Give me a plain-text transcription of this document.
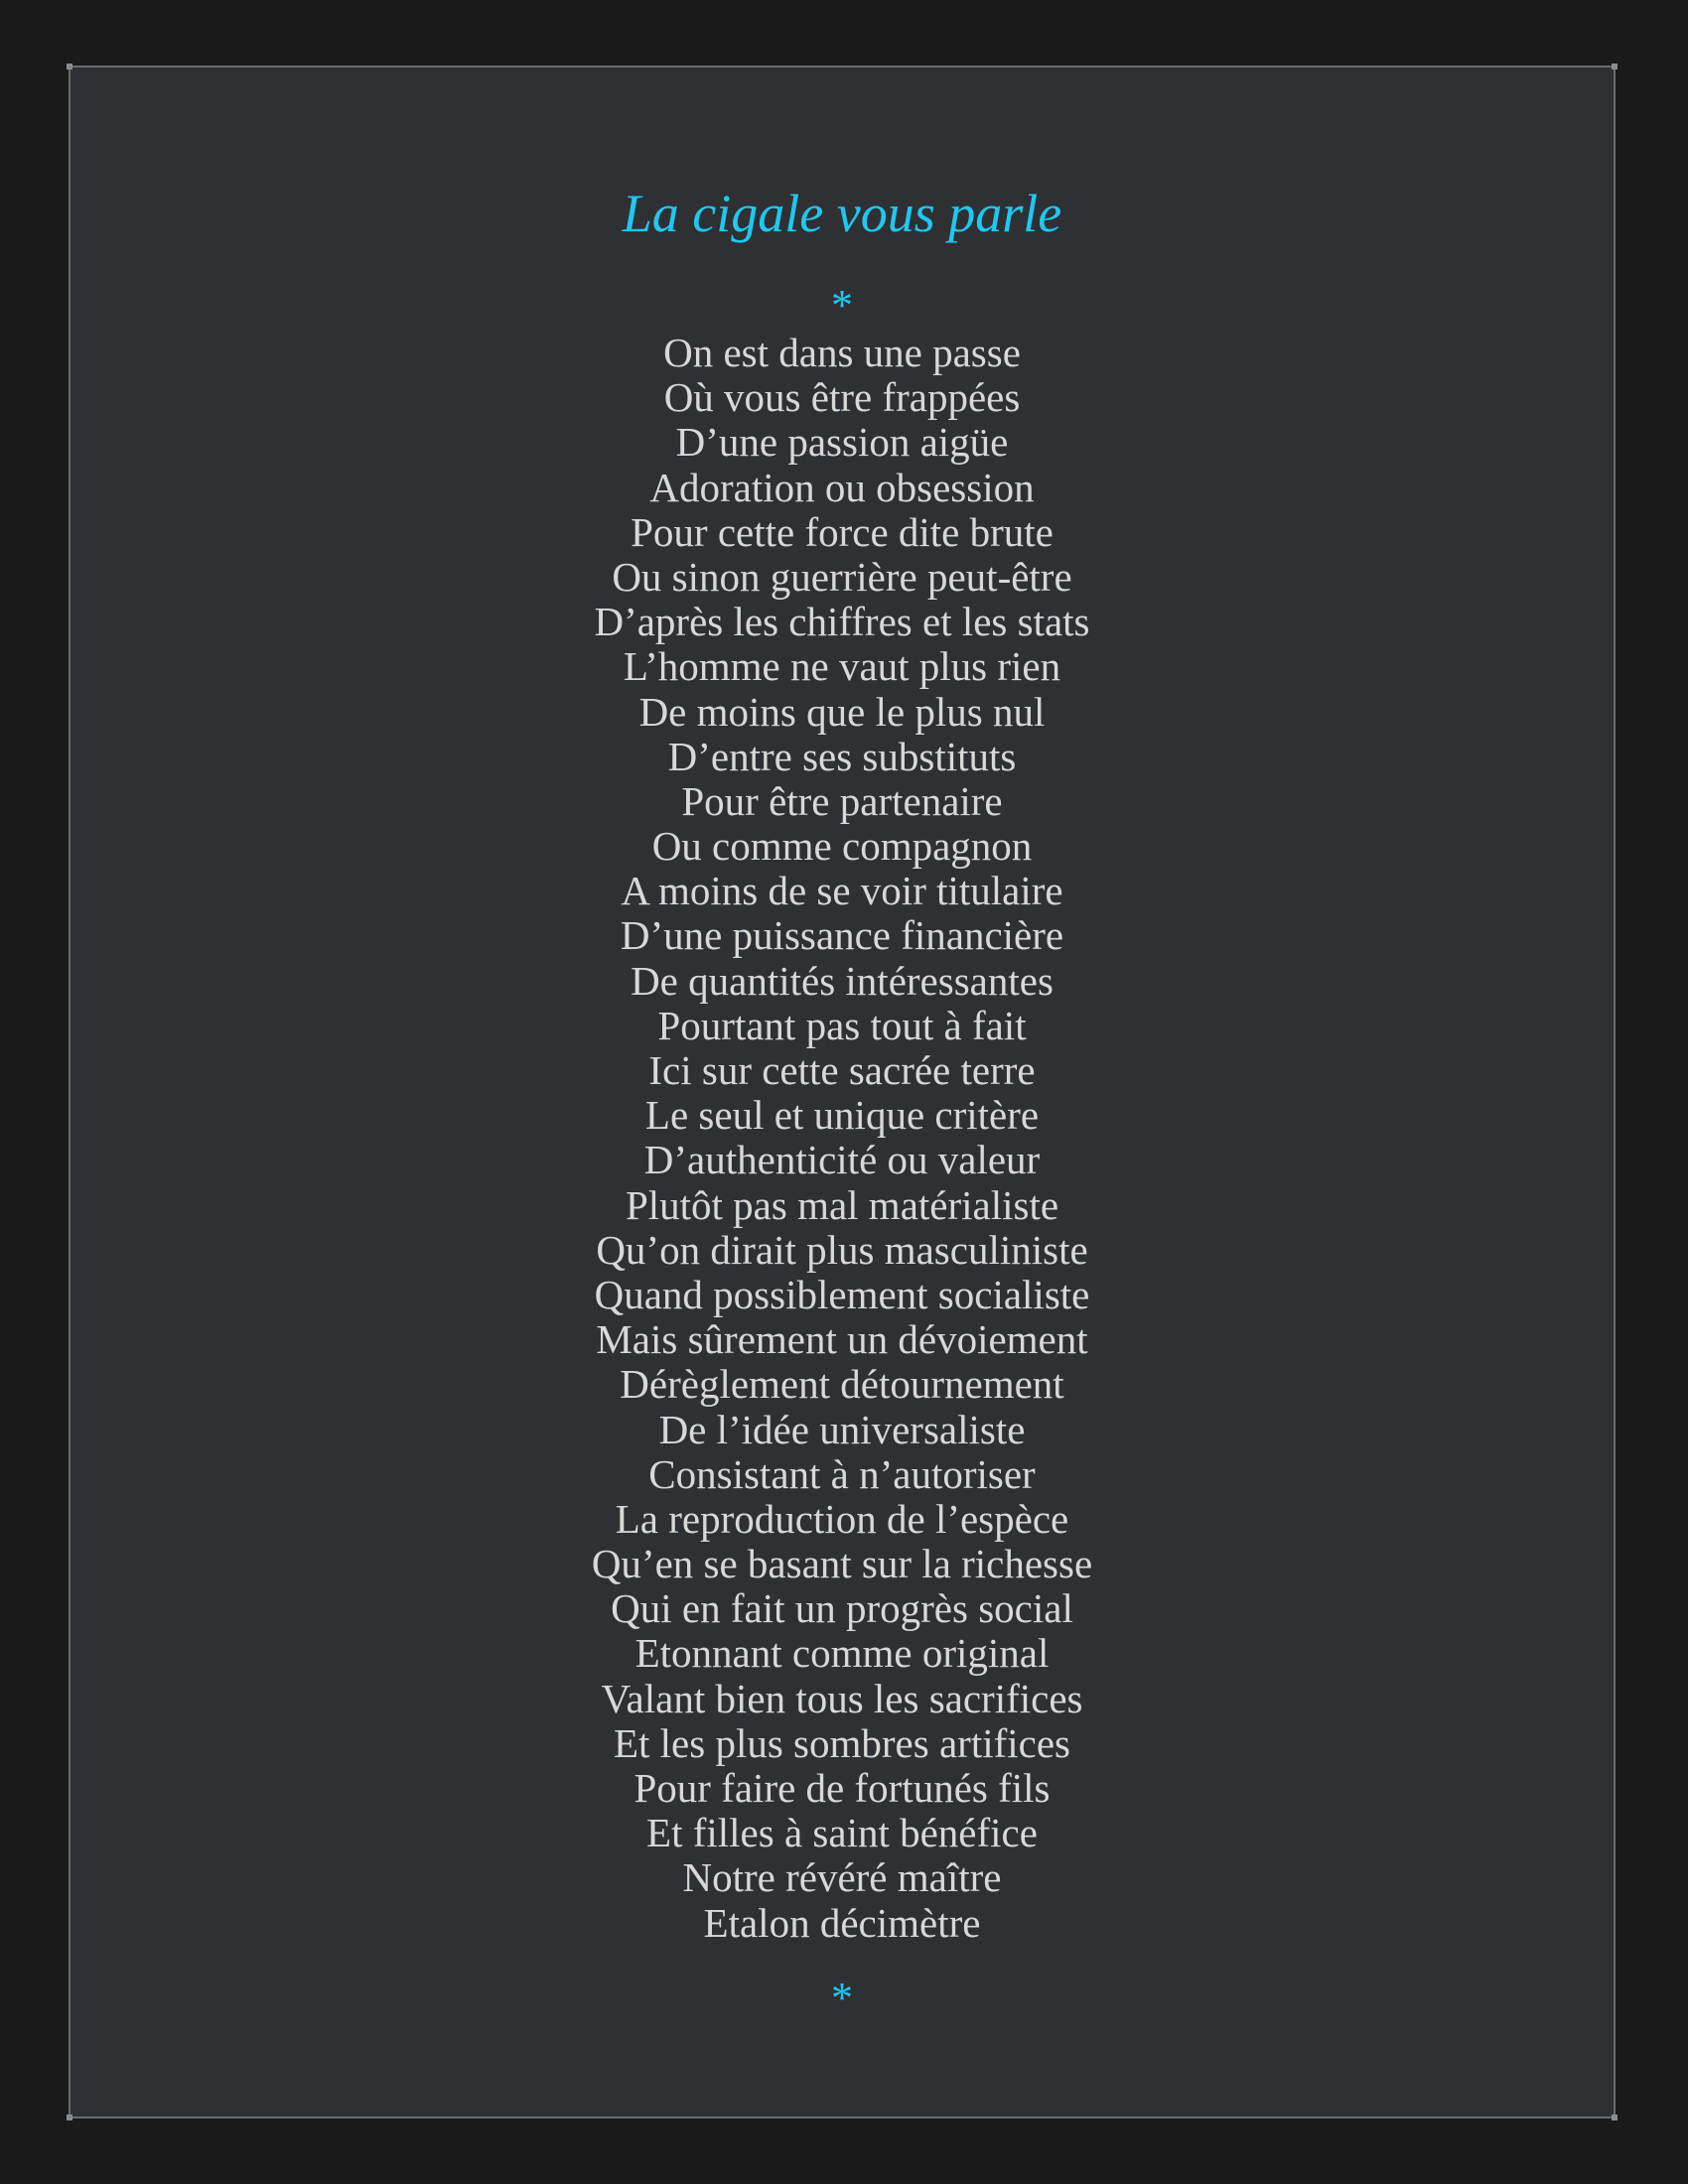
La cigale vous parle
*
On est dans une passe
Où vous être frappées
D’une passion aigüe
Adoration ou obsession
Pour cette force dite brute
Ou sinon guerrière peut-être
D’après les chiffres et les stats
L’homme ne vaut plus rien
De moins que le plus nul
D’entre ses substituts
Pour être partenaire
Ou comme compagnon
A moins de se voir titulaire
D’une puissance financière
De quantités intéressantes
Pourtant pas tout à fait
Ici sur cette sacrée terre
Le seul et unique critère
D’authenticité ou valeur
Plutôt pas mal matérialiste
Qu’on dirait plus masculiniste
Quand possiblement socialiste
Mais sûrement un dévoiement
Dérèglement détournement
De l’idée universaliste
Consistant à n’autoriser
La reproduction de l’espèce
Qu’en se basant sur la richesse
Qui en fait un progrès social
Etonnant comme original
Valant bien tous les sacrifices
Et les plus sombres artifices
Pour faire de fortunés fils
Et filles à saint bénéfice
Notre révéré maître
Etalon décimètre
*
